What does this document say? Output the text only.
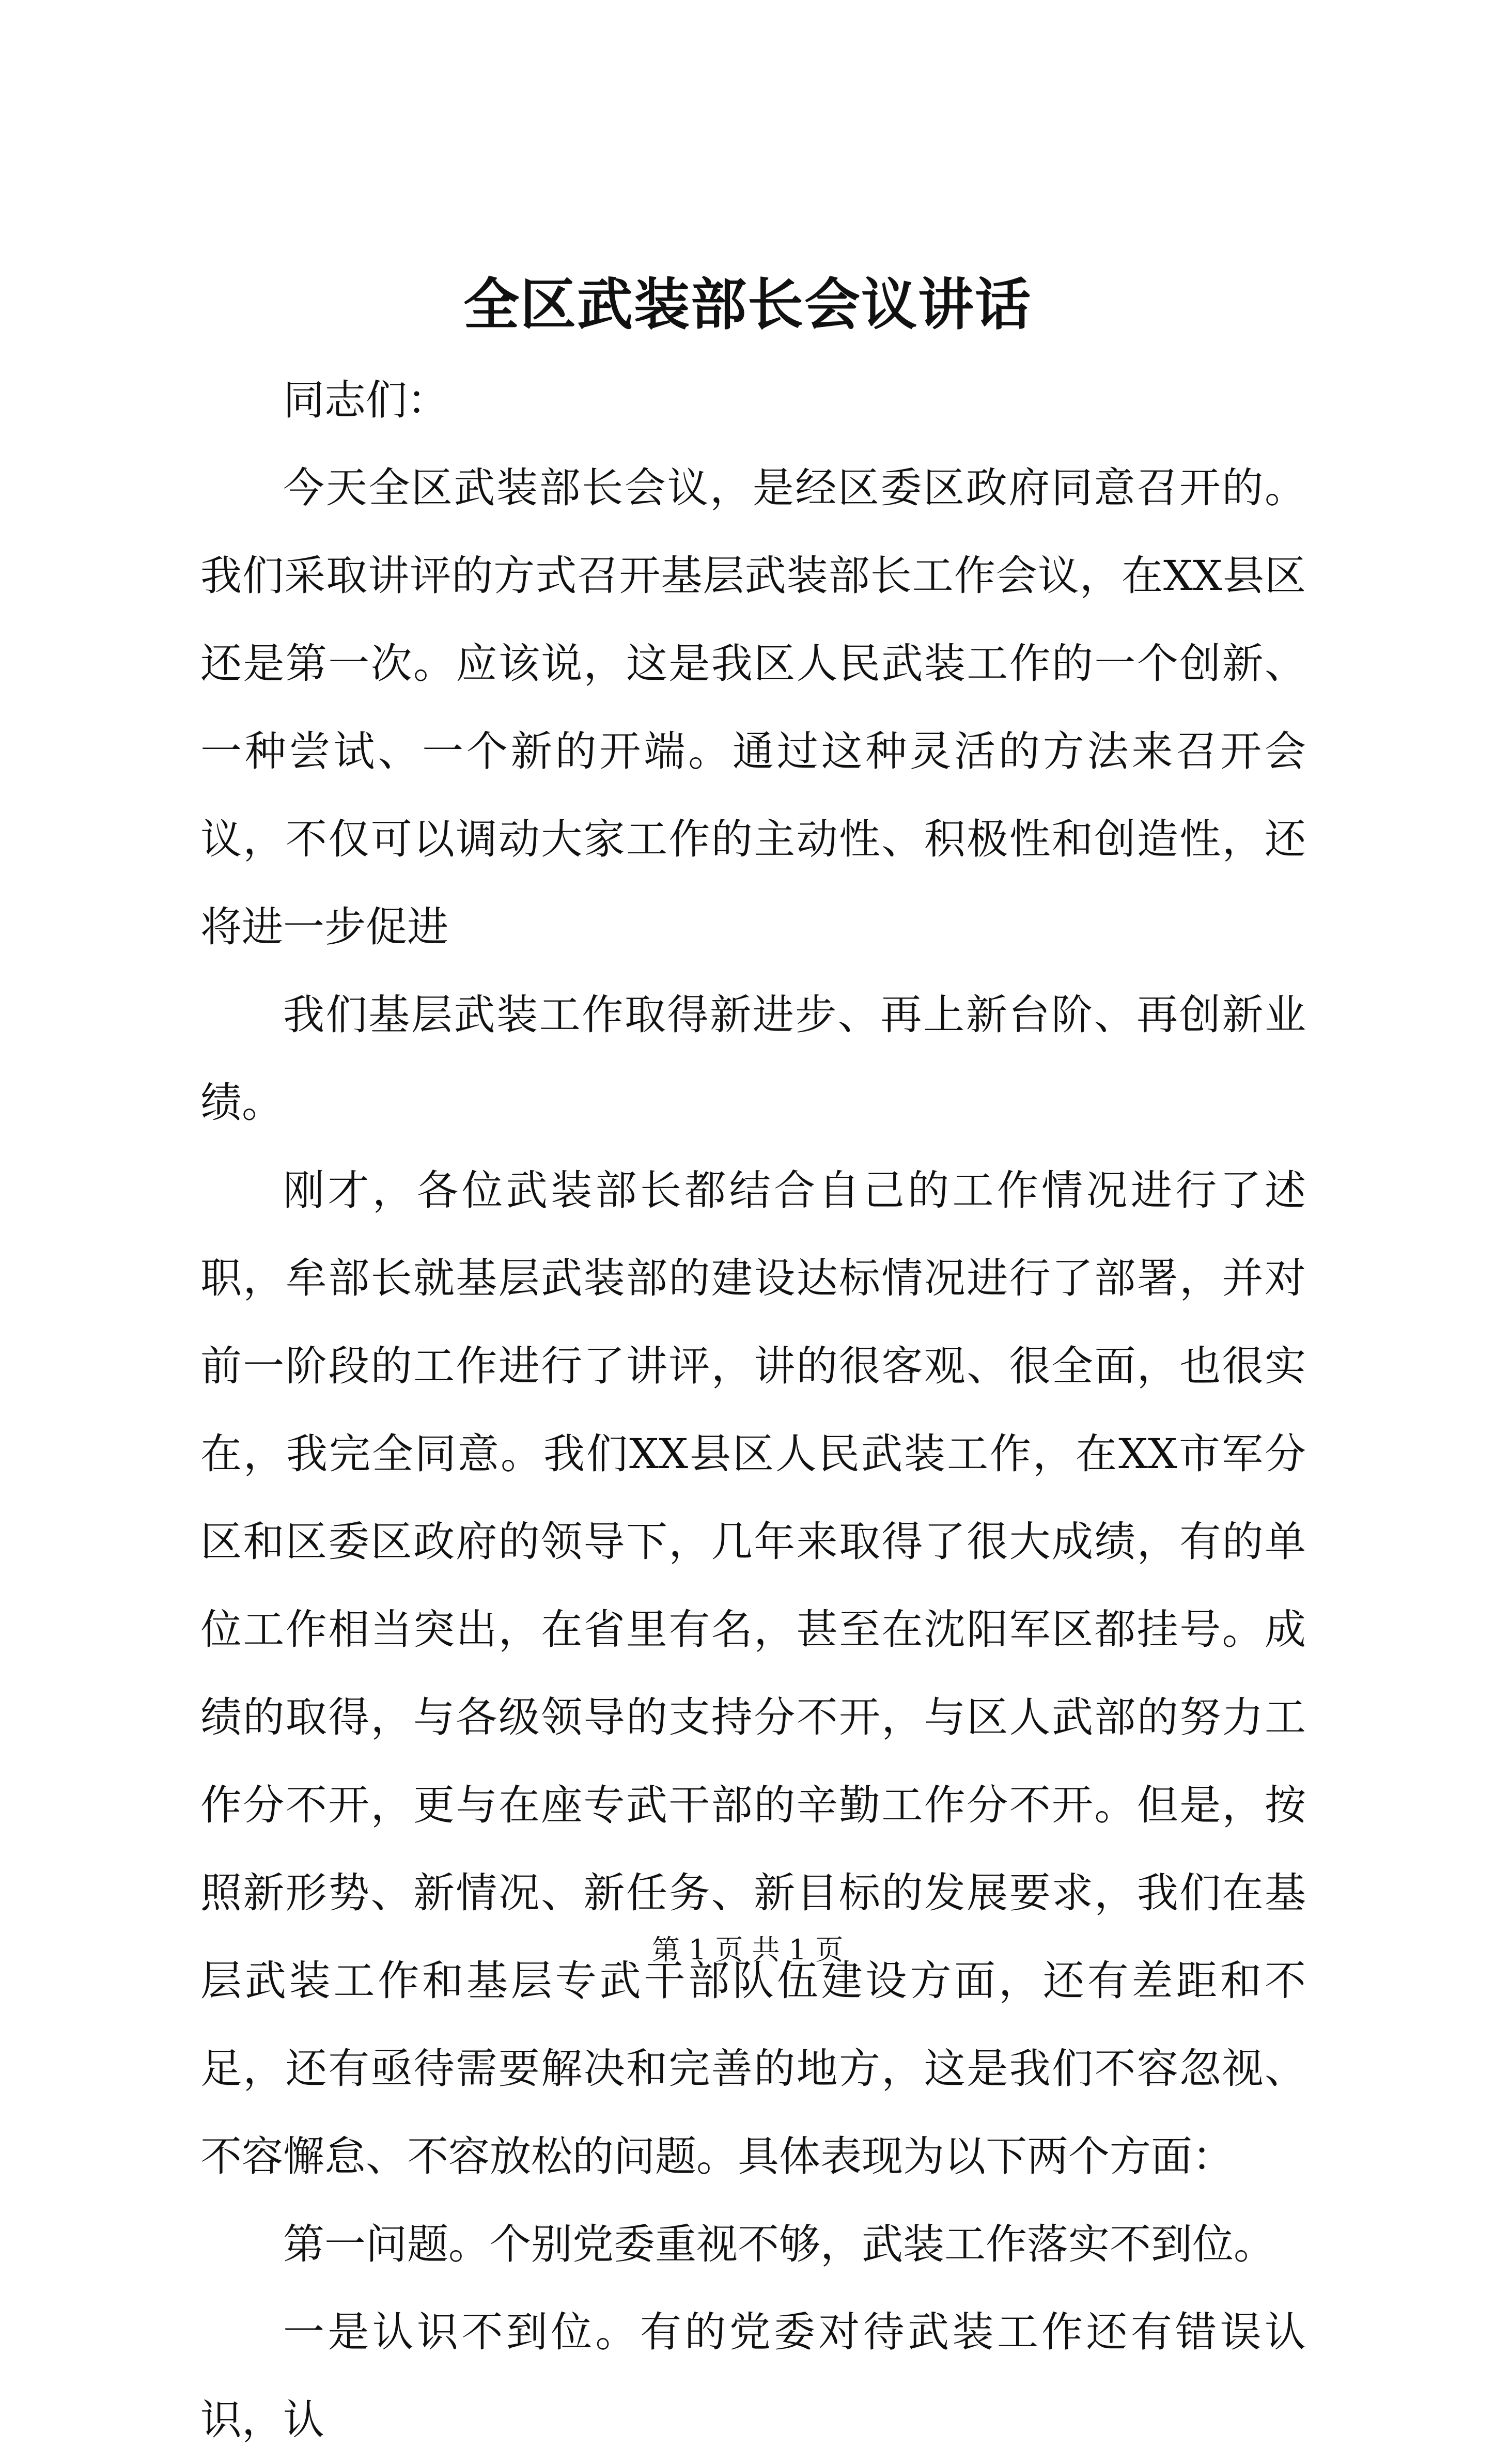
全区武装部长会议讲话

同志们：

今天全区武装部长会议，是经区委区政府同意召开的。我们采取讲评的方式召开基层武装部长工作会议，在XX县区还是第一次。应该说，这是我区人民武装工作的一个创新、一种尝试、一个新的开端。通过这种灵活的方法来召开会议，不仅可以调动大家工作的主动性、积极性和创造性，还将进一步促进

我们基层武装工作取得新进步、再上新台阶、再创新业绩。

刚才，各位武装部长都结合自己的工作情况进行了述职，牟部长就基层武装部的建设达标情况进行了部署，并对前一阶段的工作进行了讲评，讲的很客观、很全面，也很实在，我完全同意。我们XX县区人民武装工作，在XX市军分区和区委区政府的领导下，几年来取得了很大成绩，有的单位工作相当突出，在省里有名，甚至在沈阳军区都挂号。成绩的取得，与各级领导的支持分不开，与区人武部的努力工作分不开，更与在座专武干部的辛勤工作分不开。但是，按照新形势、新情况、新任务、新目标的发展要求，我们在基层武装工作和基层专武干部队伍建设方面，还有差距和不足，还有亟待需要解决和完善的地方，这是我们不容忽视、不容懈怠、不容放松的问题。具体表现为以下两个方面：

第一问题。个别党委重视不够，武装工作落实不到位。

一是认识不到位。有的党委对待武装工作还有错误认识，认

第 1 页 共 1 页
